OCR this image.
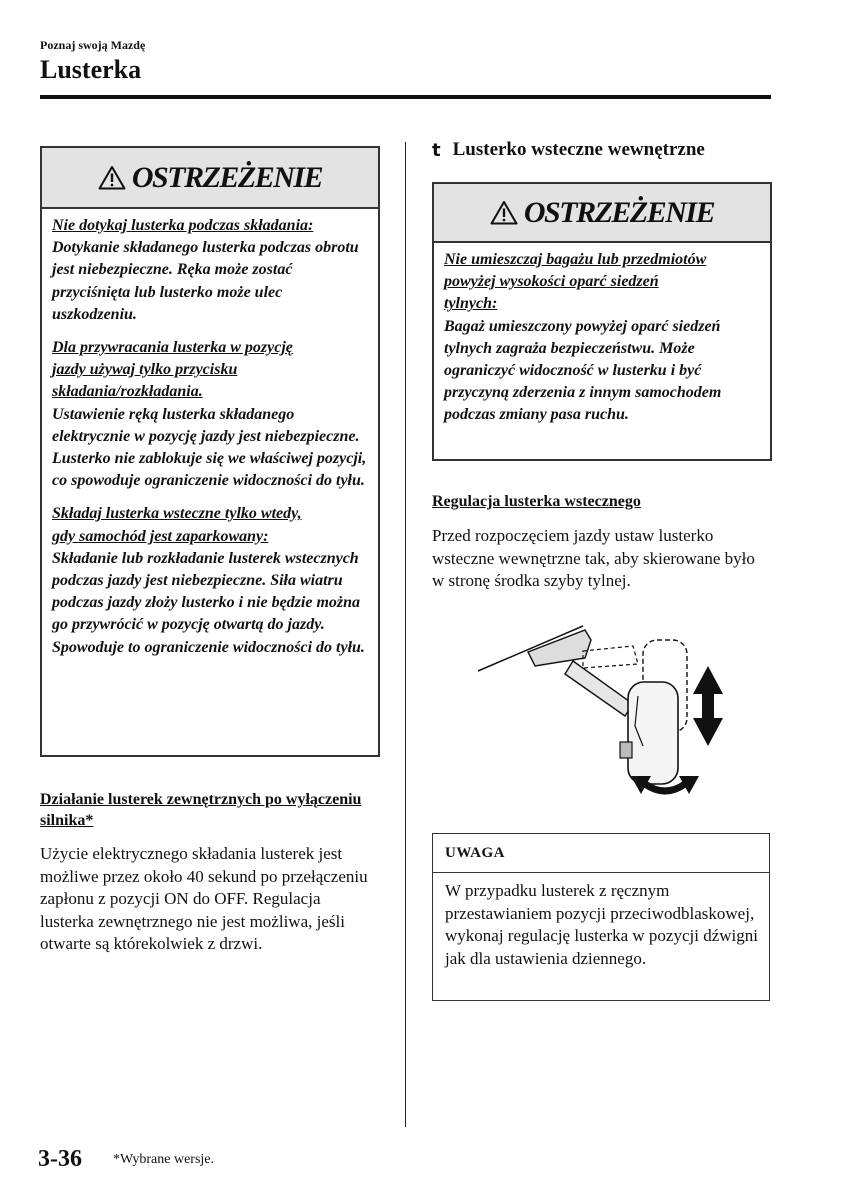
Poznaj swoją Mazdę
Lusterka
OSTRZEŻENIE

Nie dotykaj lusterka podczas składania:
Dotykanie składanego lusterka podczas obrotu jest niebezpieczne. Ręka może zostać przyciśnięta lub lusterko może ulec uszkodzeniu.

Dla przywracania lusterka w pozycję
jazdy używaj tylko przycisku
składania/rozkładania.
Ustawienie ręką lusterka składanego elektrycznie w pozycję jazdy jest niebezpieczne. Lusterko nie zablokuje się we właściwej pozycji, co spowoduje ograniczenie widoczności do tyłu.

Składaj lusterka wsteczne tylko wtedy,
gdy samochód jest zaparkowany:
Składanie lub rozkładanie lusterek wstecznych podczas jazdy jest niebezpieczne. Siła wiatru podczas jazdy złoży lusterko i nie będzie można go przywrócić w pozycję otwartą do jazdy. Spowoduje to ograniczenie widoczności do tyłu.

Działanie lusterek zewnętrznych po wyłączeniu silnika*
Użycie elektrycznego składania lusterek jest możliwe przez około 40 sekund po przełączeniu zapłonu z pozycji ON do OFF. Regulacja lusterka zewnętrznego nie jest możliwa, jeśli otwarte są którekolwiek z drzwi.
t Lusterko wsteczne wewnętrzne
OSTRZEŻENIE

Nie umieszczaj bagażu lub przedmiotów
powyżej wysokości oparć siedzeń
tylnych:
Bagaż umieszczony powyżej oparć siedzeń tylnych zagraża bezpieczeństwu. Może ograniczyć widoczność w lusterku i być przyczyną zderzenia z innym samochodem podczas zmiany pasa ruchu.

Regulacja lusterka wstecznego
Przed rozpoczęciem jazdy ustaw lusterko wsteczne wewnętrzne tak, aby skierowane było w stronę środka szyby tylnej.
UWAGA
W przypadku lusterek z ręcznym przestawianiem pozycji przeciwodblaskowej, wykonaj regulację lusterka w pozycji dźwigni jak dla ustawienia dziennego.
3-36 *Wybrane wersje.
